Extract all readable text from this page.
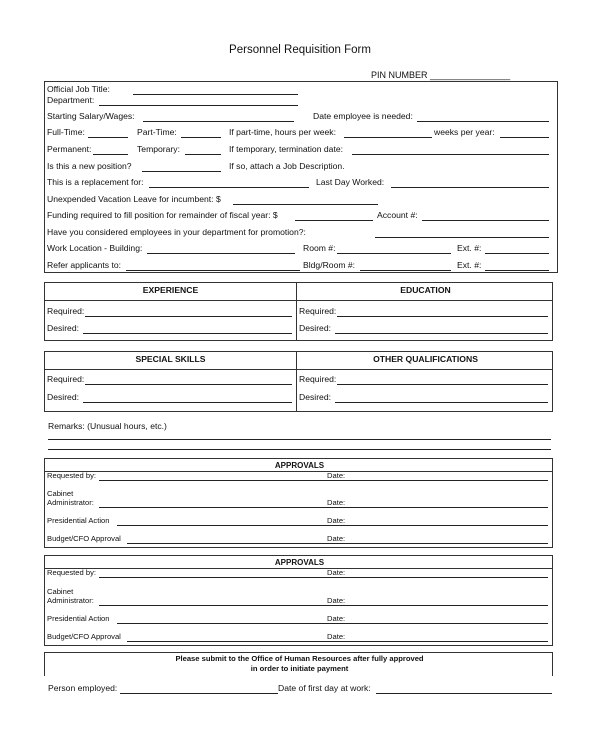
Personnel Requisition Form
PIN NUMBER ________________
Official Job Title:
Department:
Starting Salary/Wages:	Date employee is needed:
Full-Time:	Part-Time:	If part-time, hours per week:	weeks per year:
Permanent:	Temporary:	If temporary, termination date:
Is this a new position?	If so, attach a Job Description.
This is a replacement for:	Last Day Worked:
Unexpended Vacation Leave for incumbent: $
Funding required to fill position for remainder of fiscal year: $	Account #:
Have you considered employees in your department for promotion?:
Work Location - Building:	Room #:	Ext. #:
Refer applicants to:	Bldg/Room #:	Ext. #:
EXPERIENCE	EDUCATION
Required:	Required:
Desired:	Desired:
SPECIAL SKILLS	OTHER QUALIFICATIONS
Required:	Required:
Desired:	Desired:
Remarks: (Unusual hours, etc.)
APPROVALS
Requested by:	Date:
Cabinet
Administrator:	Date:
Presidential Action	Date:
Budget/CFO Approval	Date:
APPROVALS
Requested by:	Date:
Cabinet
Administrator:	Date:
Presidential Action	Date:
Budget/CFO Approval	Date:
Please submit to the Office of Human Resources after fully approved
in order to initiate payment
Person employed:	Date of first day at work:
